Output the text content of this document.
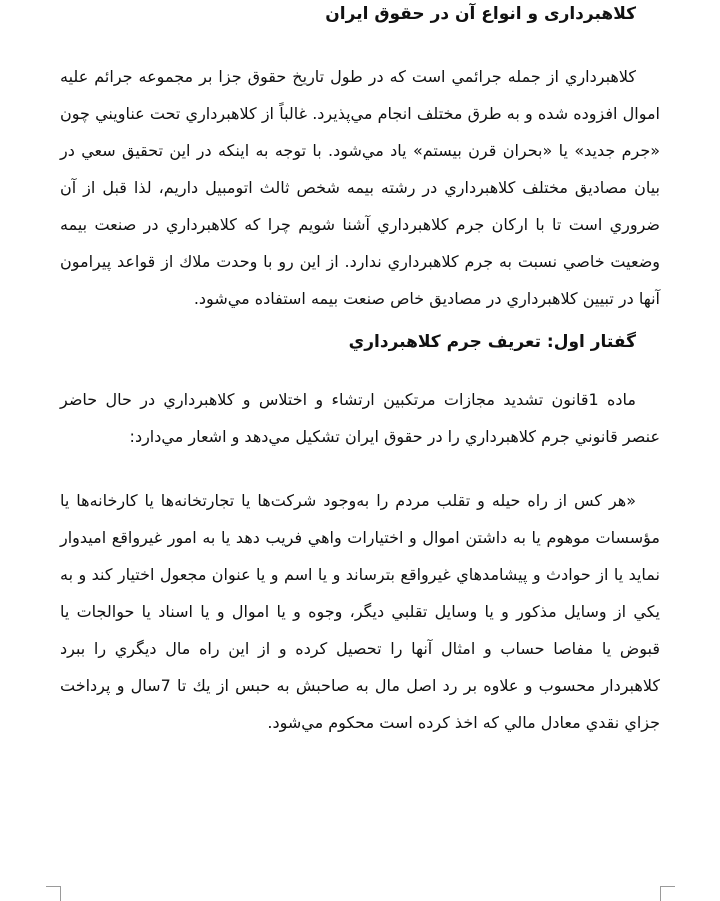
کلاهبرداری و انواع آن در حقوق ایران

کلاهبرداري از جمله جرائمي است که در طول تاريخ حقوق جزا بر مجموعه جرائم عليه اموال افزوده شده و به طرق مختلف انجام مي‌پذيرد. غالباً از کلاهبرداري تحت عناويني چون «جرم جديد» يا «بحران قرن بيستم» ياد مي‌شود. با توجه به اينکه در اين تحقيق سعي در بيان مصاديق مختلف کلاهبرداري در رشته بيمه شخص ثالث اتومبيل داريم، لذا قبل از آن ضروري است تا با ارکان جرم کلاهبرداري آشنا شويم چرا که کلاهبرداري در صنعت بيمه وضعيت خاصي نسبت به جرم کلاهبرداري ندارد. از اين رو با وحدت ملاك از قواعد پيرامون آنها در تبيين کلاهبرداري در مصاديق خاص صنعت بيمه استفاده مي‌شود.

گفتار اول: تعريف جرم کلاهبرداري

ماده 1قانون تشديد مجازات مرتکبين ارتشاء و اختلاس و کلاهبرداري در حال حاضر عنصر قانوني جرم کلاهبرداري را در حقوق ايران تشکيل مي‌دهد و اشعار مي‌دارد:

«هر کس از راه حيله و تقلب مردم را به‌وجود شرکت‌ها يا تجارتخانه‌ها يا کارخانه‌ها يا مؤسسات موهوم يا به داشتن اموال و اختيارات واهي فريب دهد يا به امور غيرواقع اميدوار نمايد يا از حوادث و پيشامدهاي غيرواقع بترساند و يا اسم و يا عنوان مجعول اختيار کند و به يکي از وسايل مذکور و يا وسايل تقلبي ديگر، وجوه و يا اموال و يا اسناد يا حوالجات يا قبوض يا مفاصا حساب و امثال آنها را تحصيل کرده و از اين راه مال ديگري را ببرد کلاهبردار محسوب و علاوه بر رد اصل مال به صاحبش به حبس از يك تا 7سال و پرداخت جزاي نقدي معادل مالي که اخذ کرده است محکوم مي‌شود.
